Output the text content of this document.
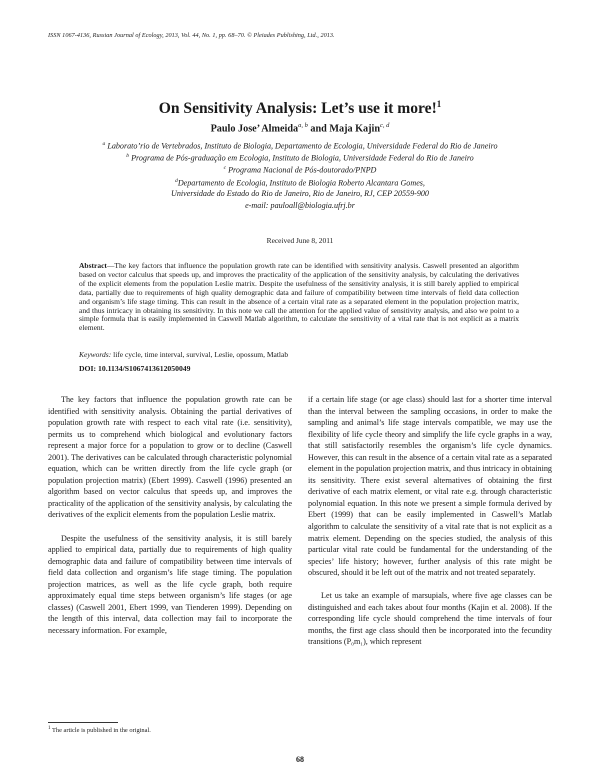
ISSN 1067-4136, Russian Journal of Ecology, 2013, Vol. 44, No. 1, pp. 68–70. © Pleiades Publishing, Ltd., 2013.
On Sensitivity Analysis: Let’s use it more!$^1$
Paulo Jose’ Almeida$^{a, b}$ and Maja Kajin$^{c, d}$
$^a$ Laborato’rio de Vertebrados, Instituto de Biologia, Departamento de Ecologia, Universidade Federal do Rio de Janeiro
$^b$ Programa de Pós-graduação em Ecologia, Instituto de Biologia, Universidade Federal do Rio de Janeiro
$^c$ Programa Nacional de Pós-doutorado/PNPD
$^d$Departamento de Ecologia, Instituto de Biologia Roberto Alcantara Gomes,
Universidade do Estado do Rio de Janeiro, Rio de Janeiro, RJ, CEP 20559-900
e-mail: pauloall@biologia.ufrj.br
Received June 8, 2011
Abstract—The key factors that influence the population growth rate can be identified with sensitivity analysis. Caswell presented an algorithm based on vector calculus that speeds up, and improves the practicality of the application of the sensitivity analysis, by calculating the derivatives of the explicit elements from the population Leslie matrix. Despite the usefulness of the sensitivity analysis, it is still barely applied to empirical data, partially due to requirements of high quality demographic data and failure of compatibility between time intervals of field data collection and organism’s life stage timing. This can result in the absence of a certain vital rate as a separated element in the population projection matrix, and thus intricacy in obtaining its sensitivity. In this note we call the attention for the applied value of sensitivity analysis, and also we point to a simple formula that is easily implemented in Caswell Matlab algorithm, to calculate the sensitivity of a vital rate that is not explicit as a matrix element.
Keywords: life cycle, time interval, survival, Leslie, opossum, Matlab
DOI: 10.1134/S1067413612050049

The key factors that influence the population growth rate can be identified with sensitivity analysis. Obtaining the partial derivatives of population growth rate with respect to each vital rate (i.e. sensitivity), permits us to comprehend which biological and evolutionary factors represent a major force for a population to grow or to decline (Caswell 2001). The derivatives can be calculated through characteristic polynomial equation, which can be written directly from the life cycle graph (or population projection matrix) (Ebert 1999). Caswell (1996) presented an algorithm based on vector calculus that speeds up, and improves the practicality of the application of the sensitivity analysis, by calculating the derivatives of the explicit elements from the population Leslie matrix.

Despite the usefulness of the sensitivity analysis, it is still barely applied to empirical data, partially due to requirements of high quality demographic data and failure of compatibility between time intervals of field data collection and organism’s life stage timing. The population projection matrices, as well as the life cycle graph, both require approximately equal time steps between organism’s life stages (or age classes) (Caswell 2001, Ebert 1999, van Tienderen 1999). Depending on the length of this interval, data collection may fail to incorporate the necessary information. For example,

if a certain life stage (or age class) should last for a shorter time interval than the interval between the sampling occasions, in order to make the sampling and animal’s life stage intervals compatible, we may use the flexibility of life cycle theory and simplify the life cycle graphs in a way, that still satisfactorily resembles the organism’s life cycle dynamics. However, this can result in the absence of a certain vital rate as a separated element in the population projection matrix, and thus intricacy in obtaining its sensitivity. There exist several alternatives of obtaining the first derivative of each matrix element, or vital rate e.g. through characteristic polynomial equation. In this note we present a simple formula derived by Ebert (1999) that can be easily implemented in Caswell’s Matlab algorithm to calculate the sensitivity of a vital rate that is not explicit as a matrix element. Depending on the species studied, the analysis of this particular vital rate could be fundamental for the understanding of the species’ life history; however, further analysis of this rate might be obscured, should it be left out of the matrix and not treated separately.

Let us take an example of marsupials, where five age classes can be distinguished and each takes about four months (Kajin et al. 2008). If the corresponding life cycle should comprehend the time intervals of four months, the first age class should then be incorporated into the fecundity transitions (P₀m₁), which represent

$^1$ The article is published in the original.
68
